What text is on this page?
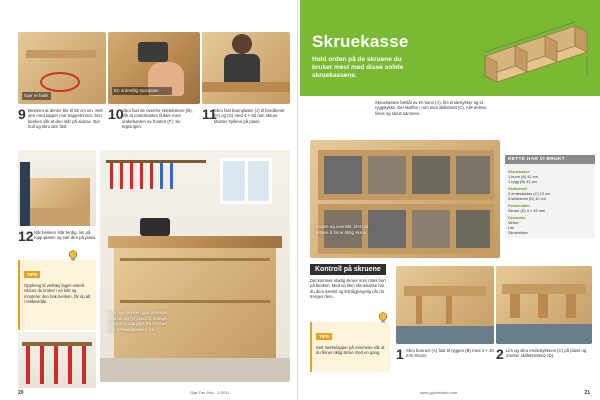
Gjør et hakk
En ordentlig sponplate
9 Bestemt at denne blir til 58 cm inn. Sett den med tapper mot trappetrinnet. Snu benken slik at den står på sidene. Bor hull og skru den fast.
10
Skru fast de ovenfor stottelistene (B), slik at underkanten flukter med underkanten av fronten (F). Se tegningen.
11
Skru fast bunnplaten (J) til bordbenet (H) og (G) med 4 × 50 mm skruer. Monter hyllene på plass.
12 Når benken står ferdig, lim på topp-platen og sett den på plass.
TIPS
Oppheng til verktøy lages enkelt. Skruer du kroker i en lekt og monterer den bak benken, får du alt i rekkevidde.
Den nye benken gjør arbeidet enklere og gir plass til mange maskiner. Dagslys fra vinduet gjør arbeidsplassen lys.
20	Gjør Det Selv · 1/2011
Skruekasse
Hold orden på de skruene du bruker mest med disse solide skruekassene.
Skruekassen består av en bunn (A), fire endestykker og et ryggstykke. Del skuffen i rom med skillebrett (C). Alle delene limes og skrus sammen.
Orden og oversikt: Det blir lettere å finne riktig skrue.
DETTE HAR VI BRUKT
Skruekasse
1 bunn (A) 42 cm
1 rygg (B) 42 cm
Skillebrett
2 endestykker (C) 10 cm
3 skillebrett (D) 10 cm
Festemidler
Skruer (E) 4 × 40 mm
Dessuten
Vinkel
Lim
Skrutrekker
Kontroll på skruene
Det kommer stadig skruer som rotes bort på benken. Med en liten skruekasse har du dem samlet og lett tilgjengelig når du trenger dem.
TIPS
Sett merkelapper på rommene slik at du finner riktig skrue med en gang.	1 Skru bunnen (A) fast til ryggen (B) med 4 × 40 mm skruer.	2 Lim og skru endestykkene (C) på plass og monter skillebrettene (D).
www.gjordetselv.com	21
